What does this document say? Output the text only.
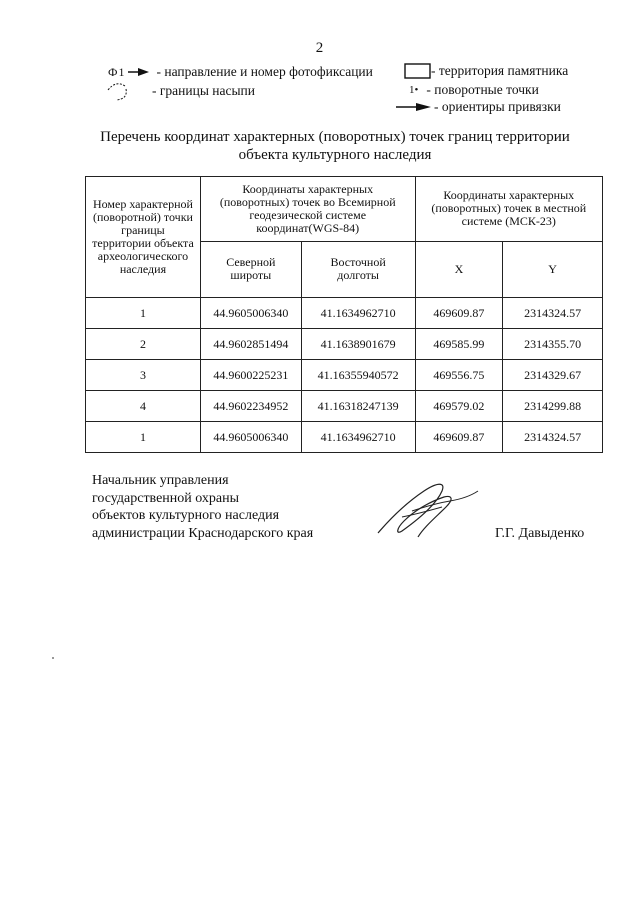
2
Ф1 - направление и номер фотофиксации
- границы насыпи
- территория памятника
1• - поворотные точки
- ориентиры привязки
Перечень координат характерных (поворотных) точек границ территории
объекта культурного наследия
Номер характерной (поворотной) точки границы территории объекта археологического наследия	Координаты характерных (поворотных) точек во Всемирной геодезической системе координат(WGS-84)		Координаты характерных (поворотных) точек в местной системе (МСК-23)	
	Северной широты	Восточной долготы	X	Y
1	44.9605006340	41.1634962710	469609.87	2314324.57
2	44.9602851494	41.1638901679	469585.99	2314355.70
3	44.9600225231	41.16355940572	469556.75	2314329.67
4	44.9602234952	41.16318247139	469579.02	2314299.88
1	44.9605006340	41.1634962710	469609.87	2314324.57
Начальник управления
государственной охраны
объектов культурного наследия
администрации Краснодарского края	Г.Г. Давыденко
